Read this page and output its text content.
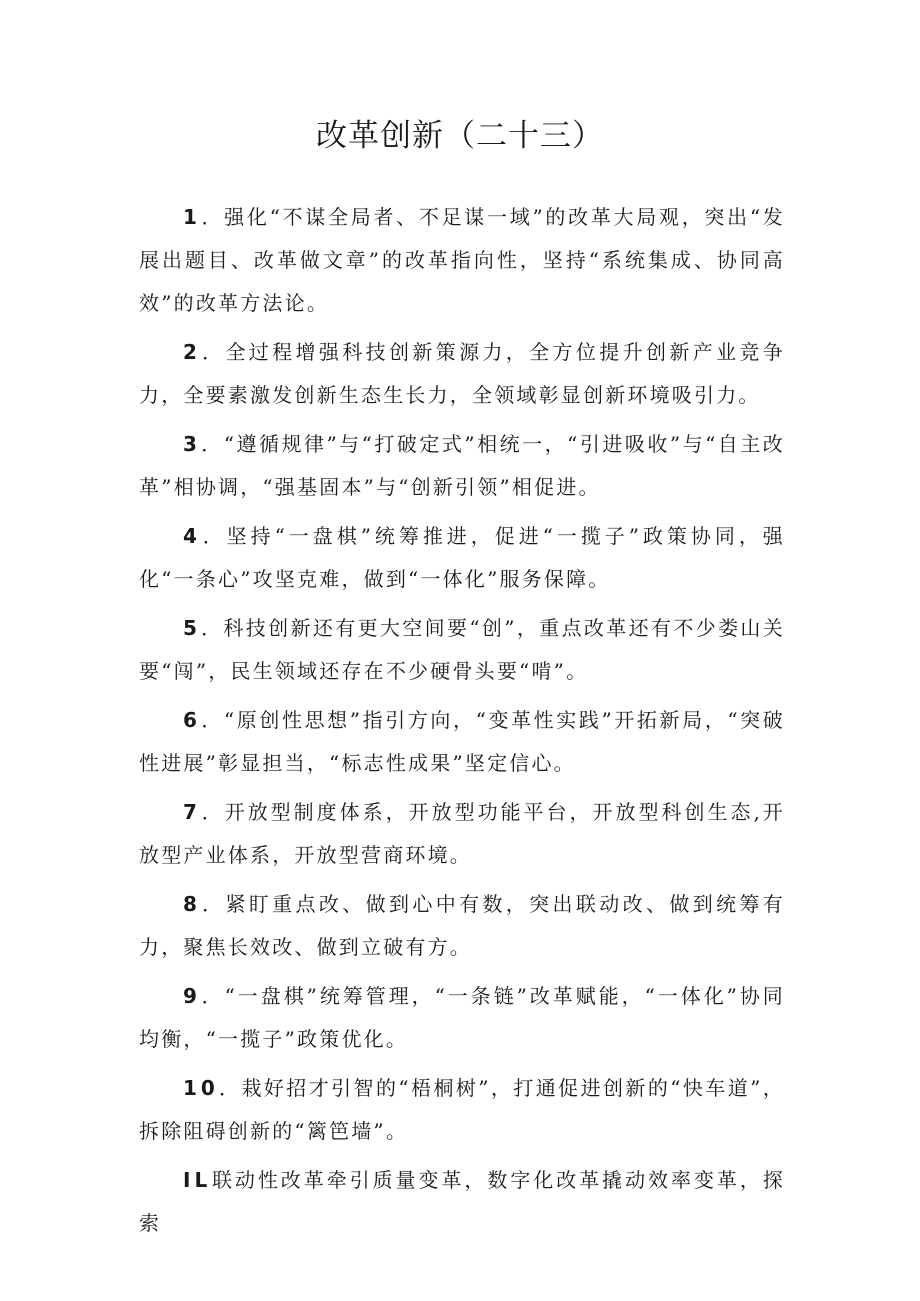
改革创新（二十三）

1．强化“不谋全局者、不足谋一域”的改革大局观，突出“发展出题目、改革做文章”的改革指向性，坚持“系统集成、协同高效”的改革方法论。

2．全过程增强科技创新策源力，全方位提升创新产业竞争力，全要素激发创新生态生长力，全领域彰显创新环境吸引力。

3．“遵循规律”与“打破定式”相统一，“引进吸收”与“自主改革”相协调，“强基固本”与“创新引领”相促进。

4．坚持“一盘棋”统筹推进，促进“一揽子”政策协同，强化“一条心”攻坚克难，做到“一体化”服务保障。

5．科技创新还有更大空间要“创”，重点改革还有不少娄山关要“闯”，民生领域还存在不少硬骨头要“啃”。

6．“原创性思想”指引方向，“变革性实践”开拓新局，“突破性进展”彰显担当，“标志性成果”坚定信心。

7．开放型制度体系，开放型功能平台，开放型科创生态,开放型产业体系，开放型营商环境。

8．紧盯重点改、做到心中有数，突出联动改、做到统筹有力，聚焦长效改、做到立破有方。

9．“一盘棋”统筹管理，“一条链”改革赋能，“一体化”协同均衡，“一揽子”政策优化。

10．栽好招才引智的“梧桐树”，打通促进创新的“快车道”，拆除阻碍创新的“篱笆墙”。

IL联动性改革牵引质量变革，数字化改革撬动效率变革，探索
